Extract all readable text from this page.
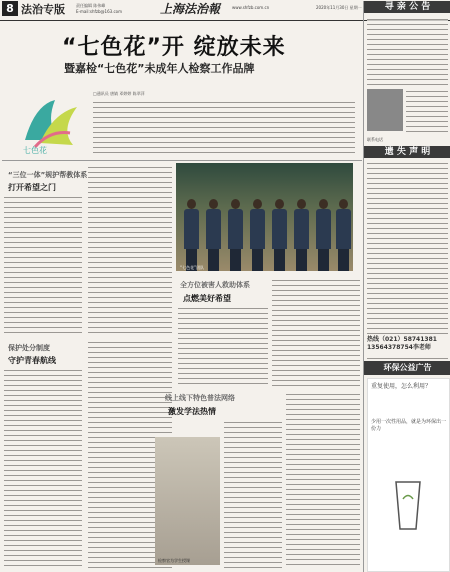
8 法治专版	责任编辑 陈伟峰
E-mail:shfzb@163.com	上海法治報	www.shfzb.com.cn	2020年11月30日 星期一
“七色花”开 绽放未来
暨嘉检“七色花”未成年人检察工作品牌
七色花
□通讯员 唐婧 邓婷婷 陈翠萍
“三位一体”规护帮教体系
打开希望之门
保护处分制度
守护青春航线
“七色花”团队
全方位被害人救助体系
点燃美好希望
线上线下特色普法网络
激发学法热情
检察官为学生授课
寻 亲 公 告
联系电话
遗 失 声 明
热线（021）58741381 13564378754李老师
环保公益广告
重复使用，怎么利用？
少用一次性用品，就是为环保出一份力
